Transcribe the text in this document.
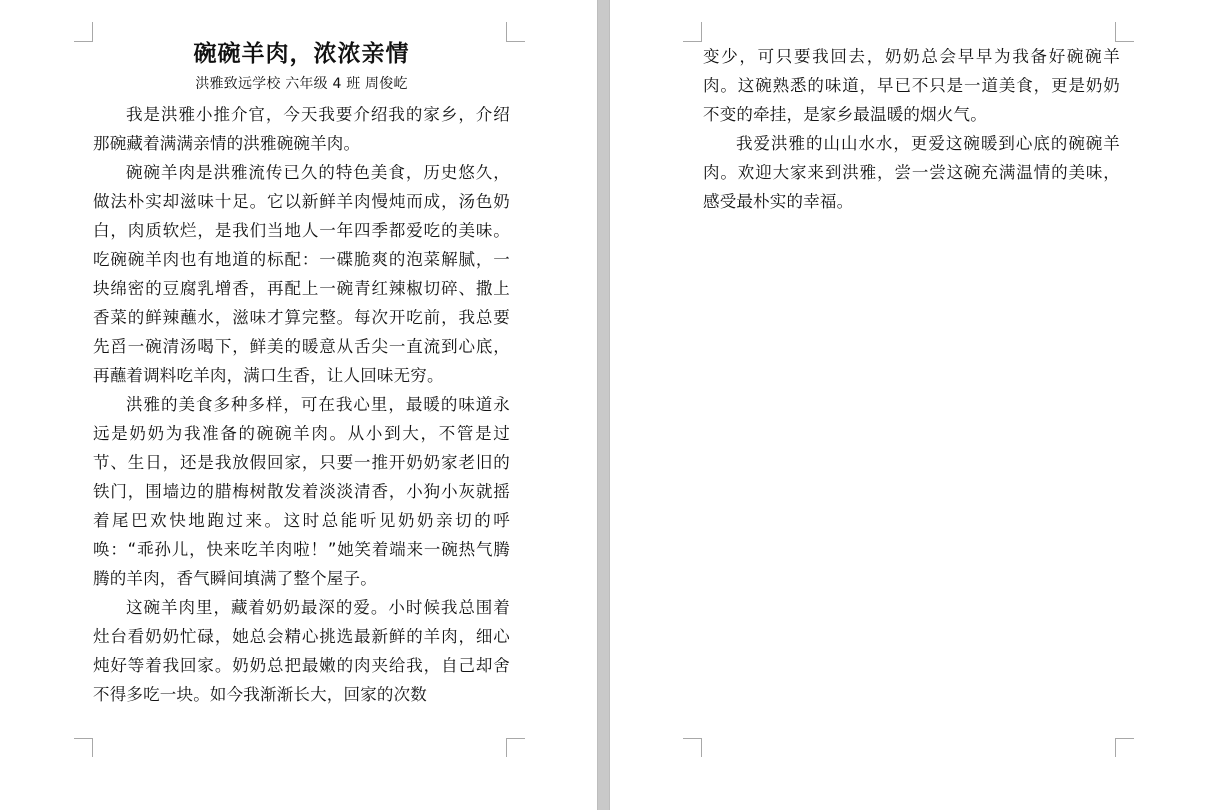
碗碗羊肉，浓浓亲情
洪雅致远学校 六年级 4 班 周俊屹

我是洪雅小推介官，今天我要介绍我的家乡，介绍那碗藏着满满亲情的洪雅碗碗羊肉。

碗碗羊肉是洪雅流传已久的特色美食，历史悠久，做法朴实却滋味十足。它以新鲜羊肉慢炖而成，汤色奶白，肉质软烂，是我们当地人一年四季都爱吃的美味。吃碗碗羊肉也有地道的标配：一碟脆爽的泡菜解腻，一块绵密的豆腐乳增香，再配上一碗青红辣椒切碎、撒上香菜的鲜辣蘸水，滋味才算完整。每次开吃前，我总要先舀一碗清汤喝下，鲜美的暖意从舌尖一直流到心底，再蘸着调料吃羊肉，满口生香，让人回味无穷。

洪雅的美食多种多样，可在我心里，最暖的味道永远是奶奶为我准备的碗碗羊肉。从小到大，不管是过节、生日，还是我放假回家，只要一推开奶奶家老旧的铁门，围墙边的腊梅树散发着淡淡清香，小狗小灰就摇着尾巴欢快地跑过来。这时总能听见奶奶亲切的呼唤：“乖孙儿，快来吃羊肉啦！”她笑着端来一碗热气腾腾的羊肉，香气瞬间填满了整个屋子。

这碗羊肉里，藏着奶奶最深的爱。小时候我总围着灶台看奶奶忙碌，她总会精心挑选最新鲜的羊肉，细心炖好等着我回家。奶奶总把最嫩的肉夹给我，自己却舍不得多吃一块。如今我渐渐长大，回家的次数

变少，可只要我回去，奶奶总会早早为我备好碗碗羊肉。这碗熟悉的味道，早已不只是一道美食，更是奶奶不变的牵挂，是家乡最温暖的烟火气。

我爱洪雅的山山水水，更爱这碗暖到心底的碗碗羊肉。欢迎大家来到洪雅，尝一尝这碗充满温情的美味，感受最朴实的幸福。
